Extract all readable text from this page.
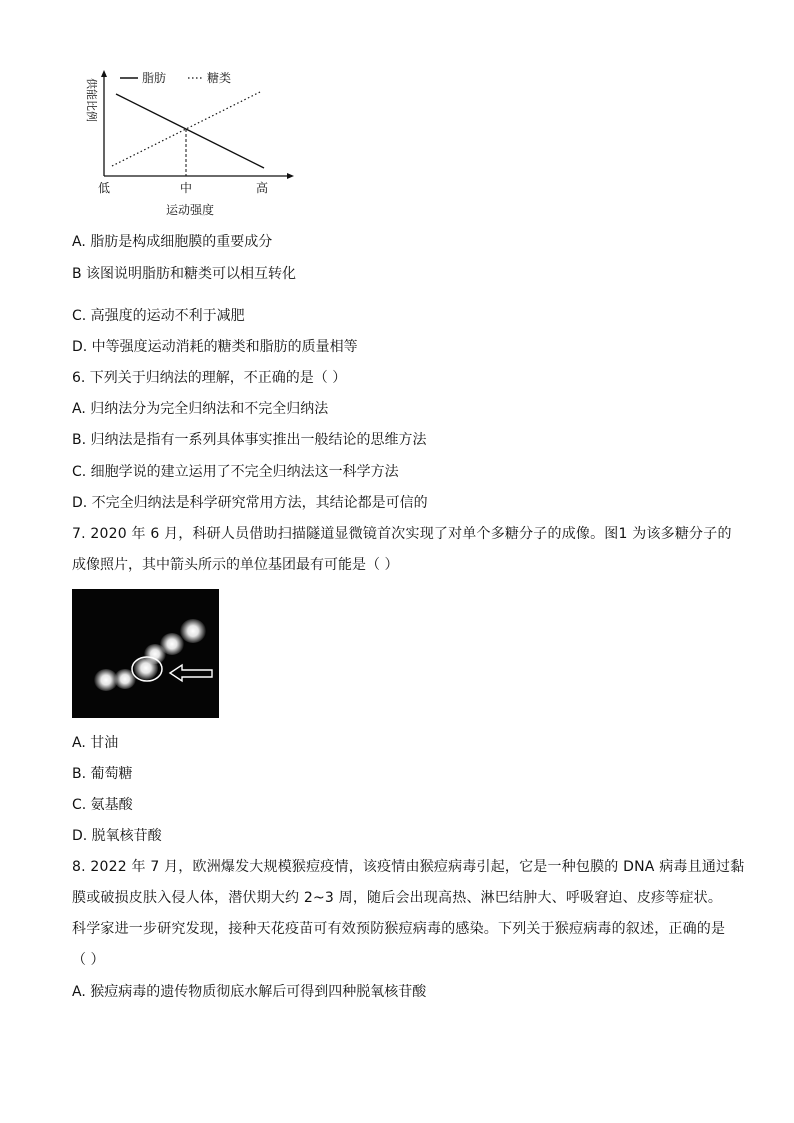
供能比例	脂肪	糖类
低	中	高
运动强度
A. 脂肪是构成细胞膜的重要成分
B 该图说明脂肪和糖类可以相互转化
C. 高强度的运动不利于减肥
D. 中等强度运动消耗的糖类和脂肪的质量相等
6. 下列关于归纳法的理解，不正确的是（ ）
A. 归纳法分为完全归纳法和不完全归纳法
B. 归纳法是指有一系列具体事实推出一般结论的思维方法
C. 细胞学说的建立运用了不完全归纳法这一科学方法
D. 不完全归纳法是科学研究常用方法，其结论都是可信的
7. 2020 年 6 月，科研人员借助扫描隧道显微镜首次实现了对单个多糖分子的成像。图1 为该多糖分子的
成像照片，其中箭头所示的单位基团最有可能是（ ）
A. 甘油
B. 葡萄糖
C. 氨基酸
D. 脱氧核苷酸
8. 2022 年 7 月，欧洲爆发大规模猴痘疫情，该疫情由猴痘病毒引起，它是一种包膜的 DNA 病毒且通过黏
膜或破损皮肤入侵人体，潜伏期大约 2~3 周，随后会出现高热、淋巴结肿大、呼吸窘迫、皮疹等症状。
科学家进一步研究发现，接种天花疫苗可有效预防猴痘病毒的感染。下列关于猴痘病毒的叙述，正确的是
（ ）
A. 猴痘病毒的遗传物质彻底水解后可得到四种脱氧核苷酸
